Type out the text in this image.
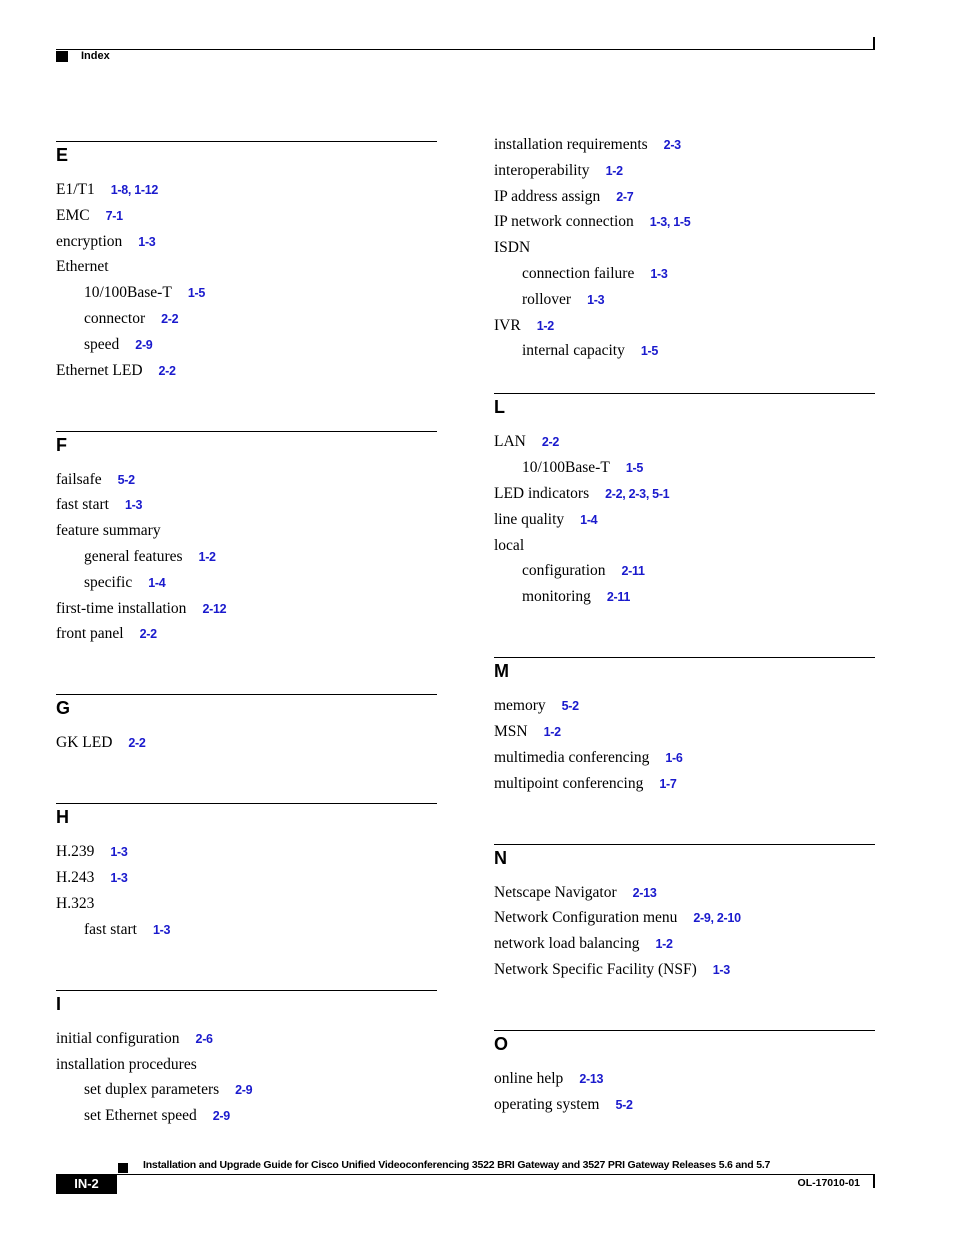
Index
E
E1/T1 1-8, 1-12
EMC 7-1
encryption 1-3
Ethernet
10/100Base-T 1-5
connector 2-2
speed 2-9
Ethernet LED 2-2
F
failsafe 5-2
fast start 1-3
feature summary
general features 1-2
specific 1-4
first-time installation 2-12
front panel 2-2
G
GK LED 2-2
H
H.239 1-3
H.243 1-3
H.323
fast start 1-3
I
initial configuration 2-6
installation procedures
set duplex parameters 2-9
set Ethernet speed 2-9
installation requirements 2-3
interoperability 1-2
IP address assign 2-7
IP network connection 1-3, 1-5
ISDN
connection failure 1-3
rollover 1-3
IVR 1-2
internal capacity 1-5
L
LAN 2-2
10/100Base-T 1-5
LED indicators 2-2, 2-3, 5-1
line quality 1-4
local
configuration 2-11
monitoring 2-11
M
memory 5-2
MSN 1-2
multimedia conferencing 1-6
multipoint conferencing 1-7
N
Netscape Navigator 2-13
Network Configuration menu 2-9, 2-10
network load balancing 1-2
Network Specific Facility (NSF) 1-3
O
online help 2-13
operating system 5-2
Installation and Upgrade Guide for Cisco Unified Videoconferencing 3522 BRI Gateway and 3527 PRI Gateway Releases 5.6 and 5.7
IN-2	OL-17010-01
